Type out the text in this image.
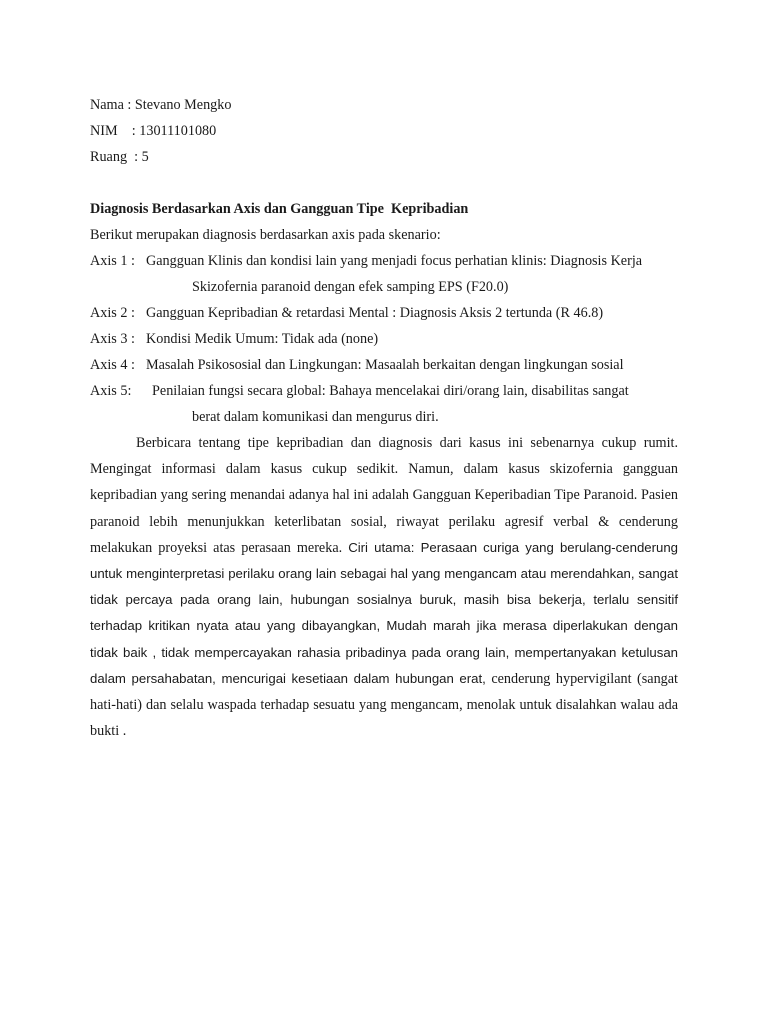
Nama : Stevano Mengko
NIM    : 13011101080
Ruang  : 5
Diagnosis Berdasarkan Axis dan Gangguan Tipe  Kepribadian
Berikut merupakan diagnosis berdasarkan axis pada skenario:
Axis 1 : Gangguan Klinis dan kondisi lain yang menjadi focus perhatian klinis: Diagnosis Kerja
Skizofernia paranoid dengan efek samping EPS (F20.0)
Axis 2 : Gangguan Kepribadian & retardasi Mental : Diagnosis Aksis 2 tertunda (R 46.8)
Axis 3 : Kondisi Medik Umum: Tidak ada (none)
Axis 4 : Masalah Psikososial dan Lingkungan: Masaalah berkaitan dengan lingkungan sosial
Axis 5:	Penilaian fungsi secara global: Bahaya mencelakai diri/orang lain, disabilitas sangat
berat dalam komunikasi dan mengurus diri.

Berbicara tentang tipe kepribadian dan diagnosis dari kasus ini sebenarnya cukup rumit. Mengingat informasi dalam kasus cukup sedikit. Namun, dalam kasus skizofernia gangguan kepribadian yang sering menandai adanya hal ini adalah Gangguan Keperibadian Tipe Paranoid. Pasien paranoid lebih menunjukkan keterlibatan sosial, riwayat perilaku agresif verbal & cenderung melakukan proyeksi atas perasaan mereka. Ciri utama: Perasaan curiga yang berulang-cenderung untuk menginterpretasi perilaku orang lain sebagai hal yang mengancam atau merendahkan, sangat tidak percaya pada orang lain, hubungan sosialnya buruk, masih bisa bekerja, terlalu sensitif terhadap kritikan nyata atau yang dibayangkan, Mudah marah jika merasa diperlakukan dengan tidak baik , tidak mempercayakan rahasia pribadinya pada orang lain, mempertanyakan ketulusan dalam persahabatan, mencurigai kesetiaan dalam hubungan erat, cenderung hypervigilant (sangat hati-hati) dan selalu waspada terhadap sesuatu yang mengancam, menolak untuk disalahkan walau ada bukti .
